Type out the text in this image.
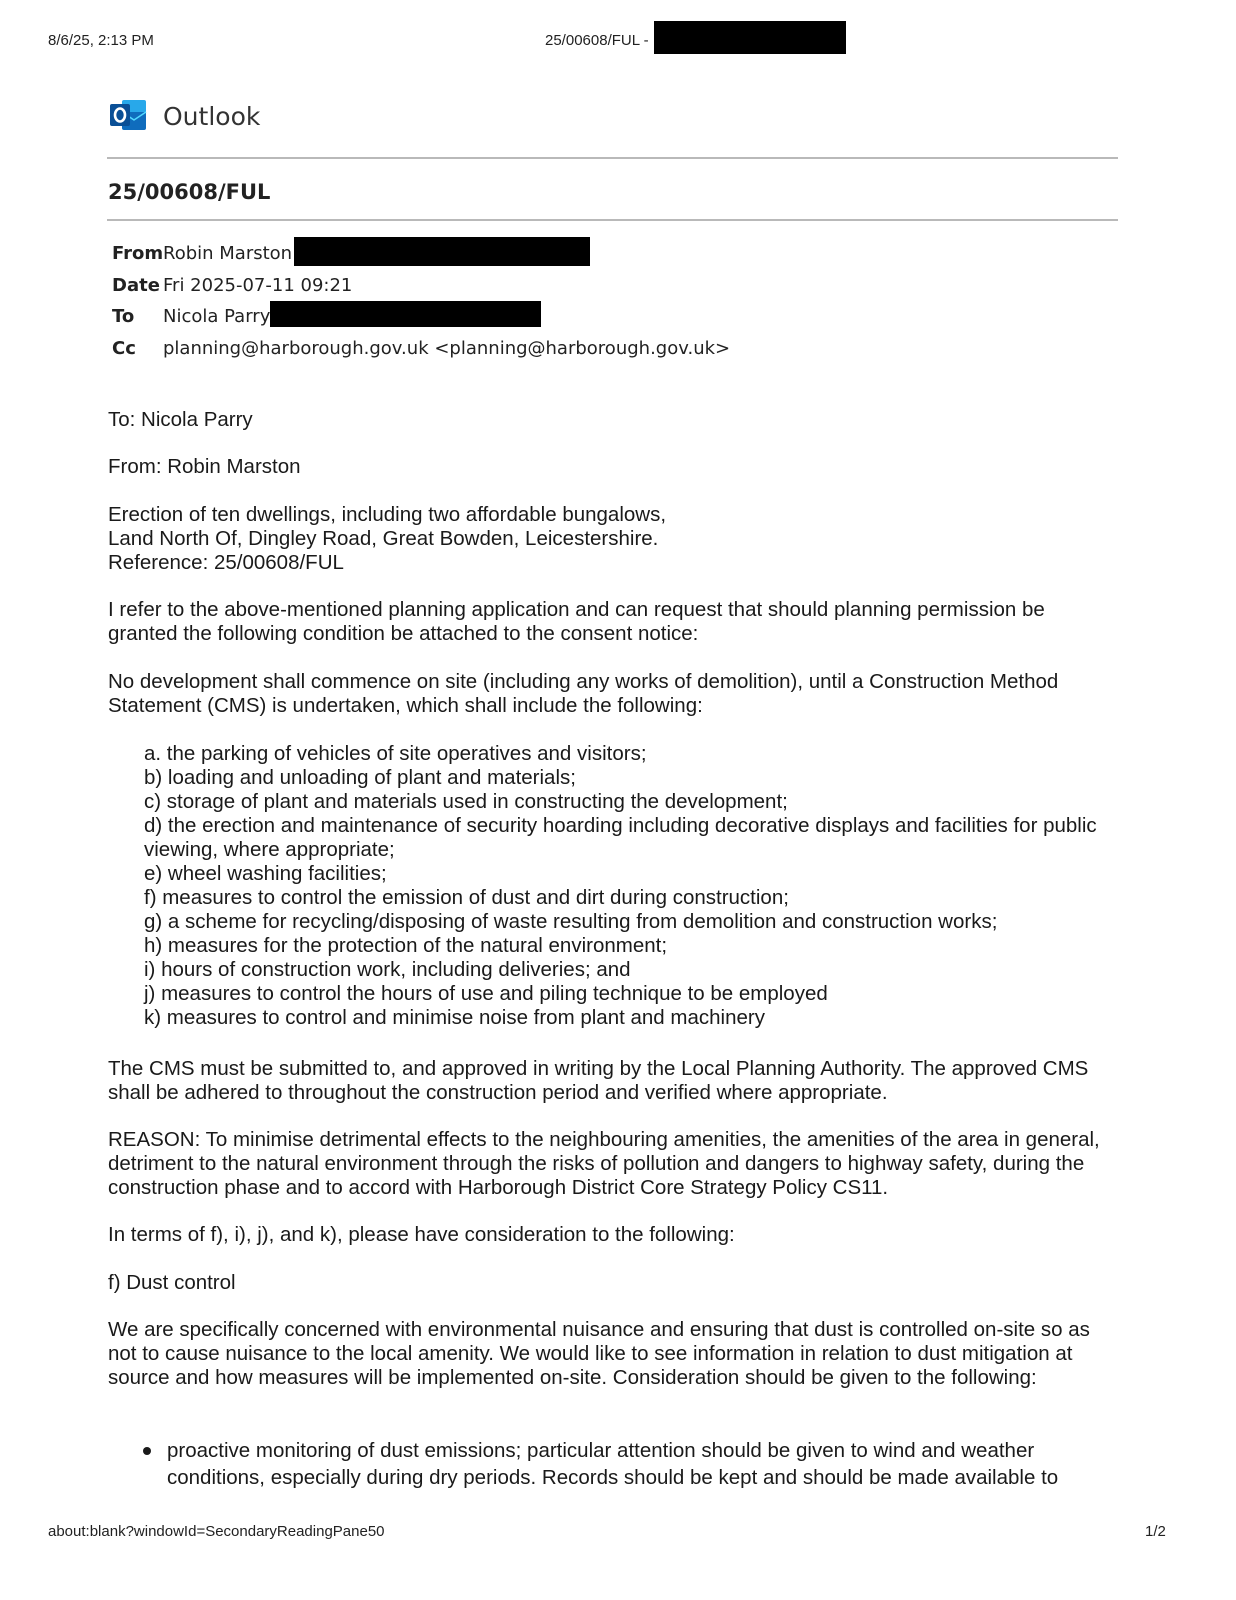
8/6/25, 2:13 PM	25/00608/FUL -
Outlook
25/00608/FUL
FromRobin Marston
Date Fri 2025-07-11 09:21
To Nicola Parry
Cc planning@harborough.gov.uk <planning@harborough.gov.uk>
To: Nicola Parry
From: Robin Marston

Erection of ten dwellings, including two affordable bungalows,

Land North Of, Dingley Road, Great Bowden, Leicestershire.

Reference: 25/00608/FUL

I refer to the above-mentioned planning application and can request that should planning permission be granted the following condition be attached to the consent notice:
No development shall commence on site (including any works of demolition), until a Construction Method Statement (CMS) is undertaken, which shall include the following:
a. the parking of vehicles of site operatives and visitors;
b) loading and unloading of plant and materials;
c) storage of plant and materials used in constructing the development;
d) the erection and maintenance of security hoarding including decorative displays and facilities for public viewing, where appropriate;
e) wheel washing facilities;
f) measures to control the emission of dust and dirt during construction;
g) a scheme for recycling/disposing of waste resulting from demolition and construction works;
h) measures for the protection of the natural environment;
i) hours of construction work, including deliveries; and
j) measures to control the hours of use and piling technique to be employed
k) measures to control and minimise noise from plant and machinery
The CMS must be submitted to, and approved in writing by the Local Planning Authority. The approved CMS shall be adhered to throughout the construction period and verified where appropriate.
REASON: To minimise detrimental effects to the neighbouring amenities, the amenities of the area in general, detriment to the natural environment through the risks of pollution and dangers to highway safety, during the construction phase and to accord with Harborough District Core Strategy Policy CS11.
In terms of f), i), j), and k), please have consideration to the following:
f) Dust control
We are specifically concerned with environmental nuisance and ensuring that dust is controlled on-site so as not to cause nuisance to the local amenity. We would like to see information in relation to dust mitigation at source and how measures will be implemented on-site. Consideration should be given to the following:
proactive monitoring of dust emissions; particular attention should be given to wind and weather conditions, especially during dry periods. Records should be kept and should be made available to
about:blank?windowId=SecondaryReadingPane50	1/2
